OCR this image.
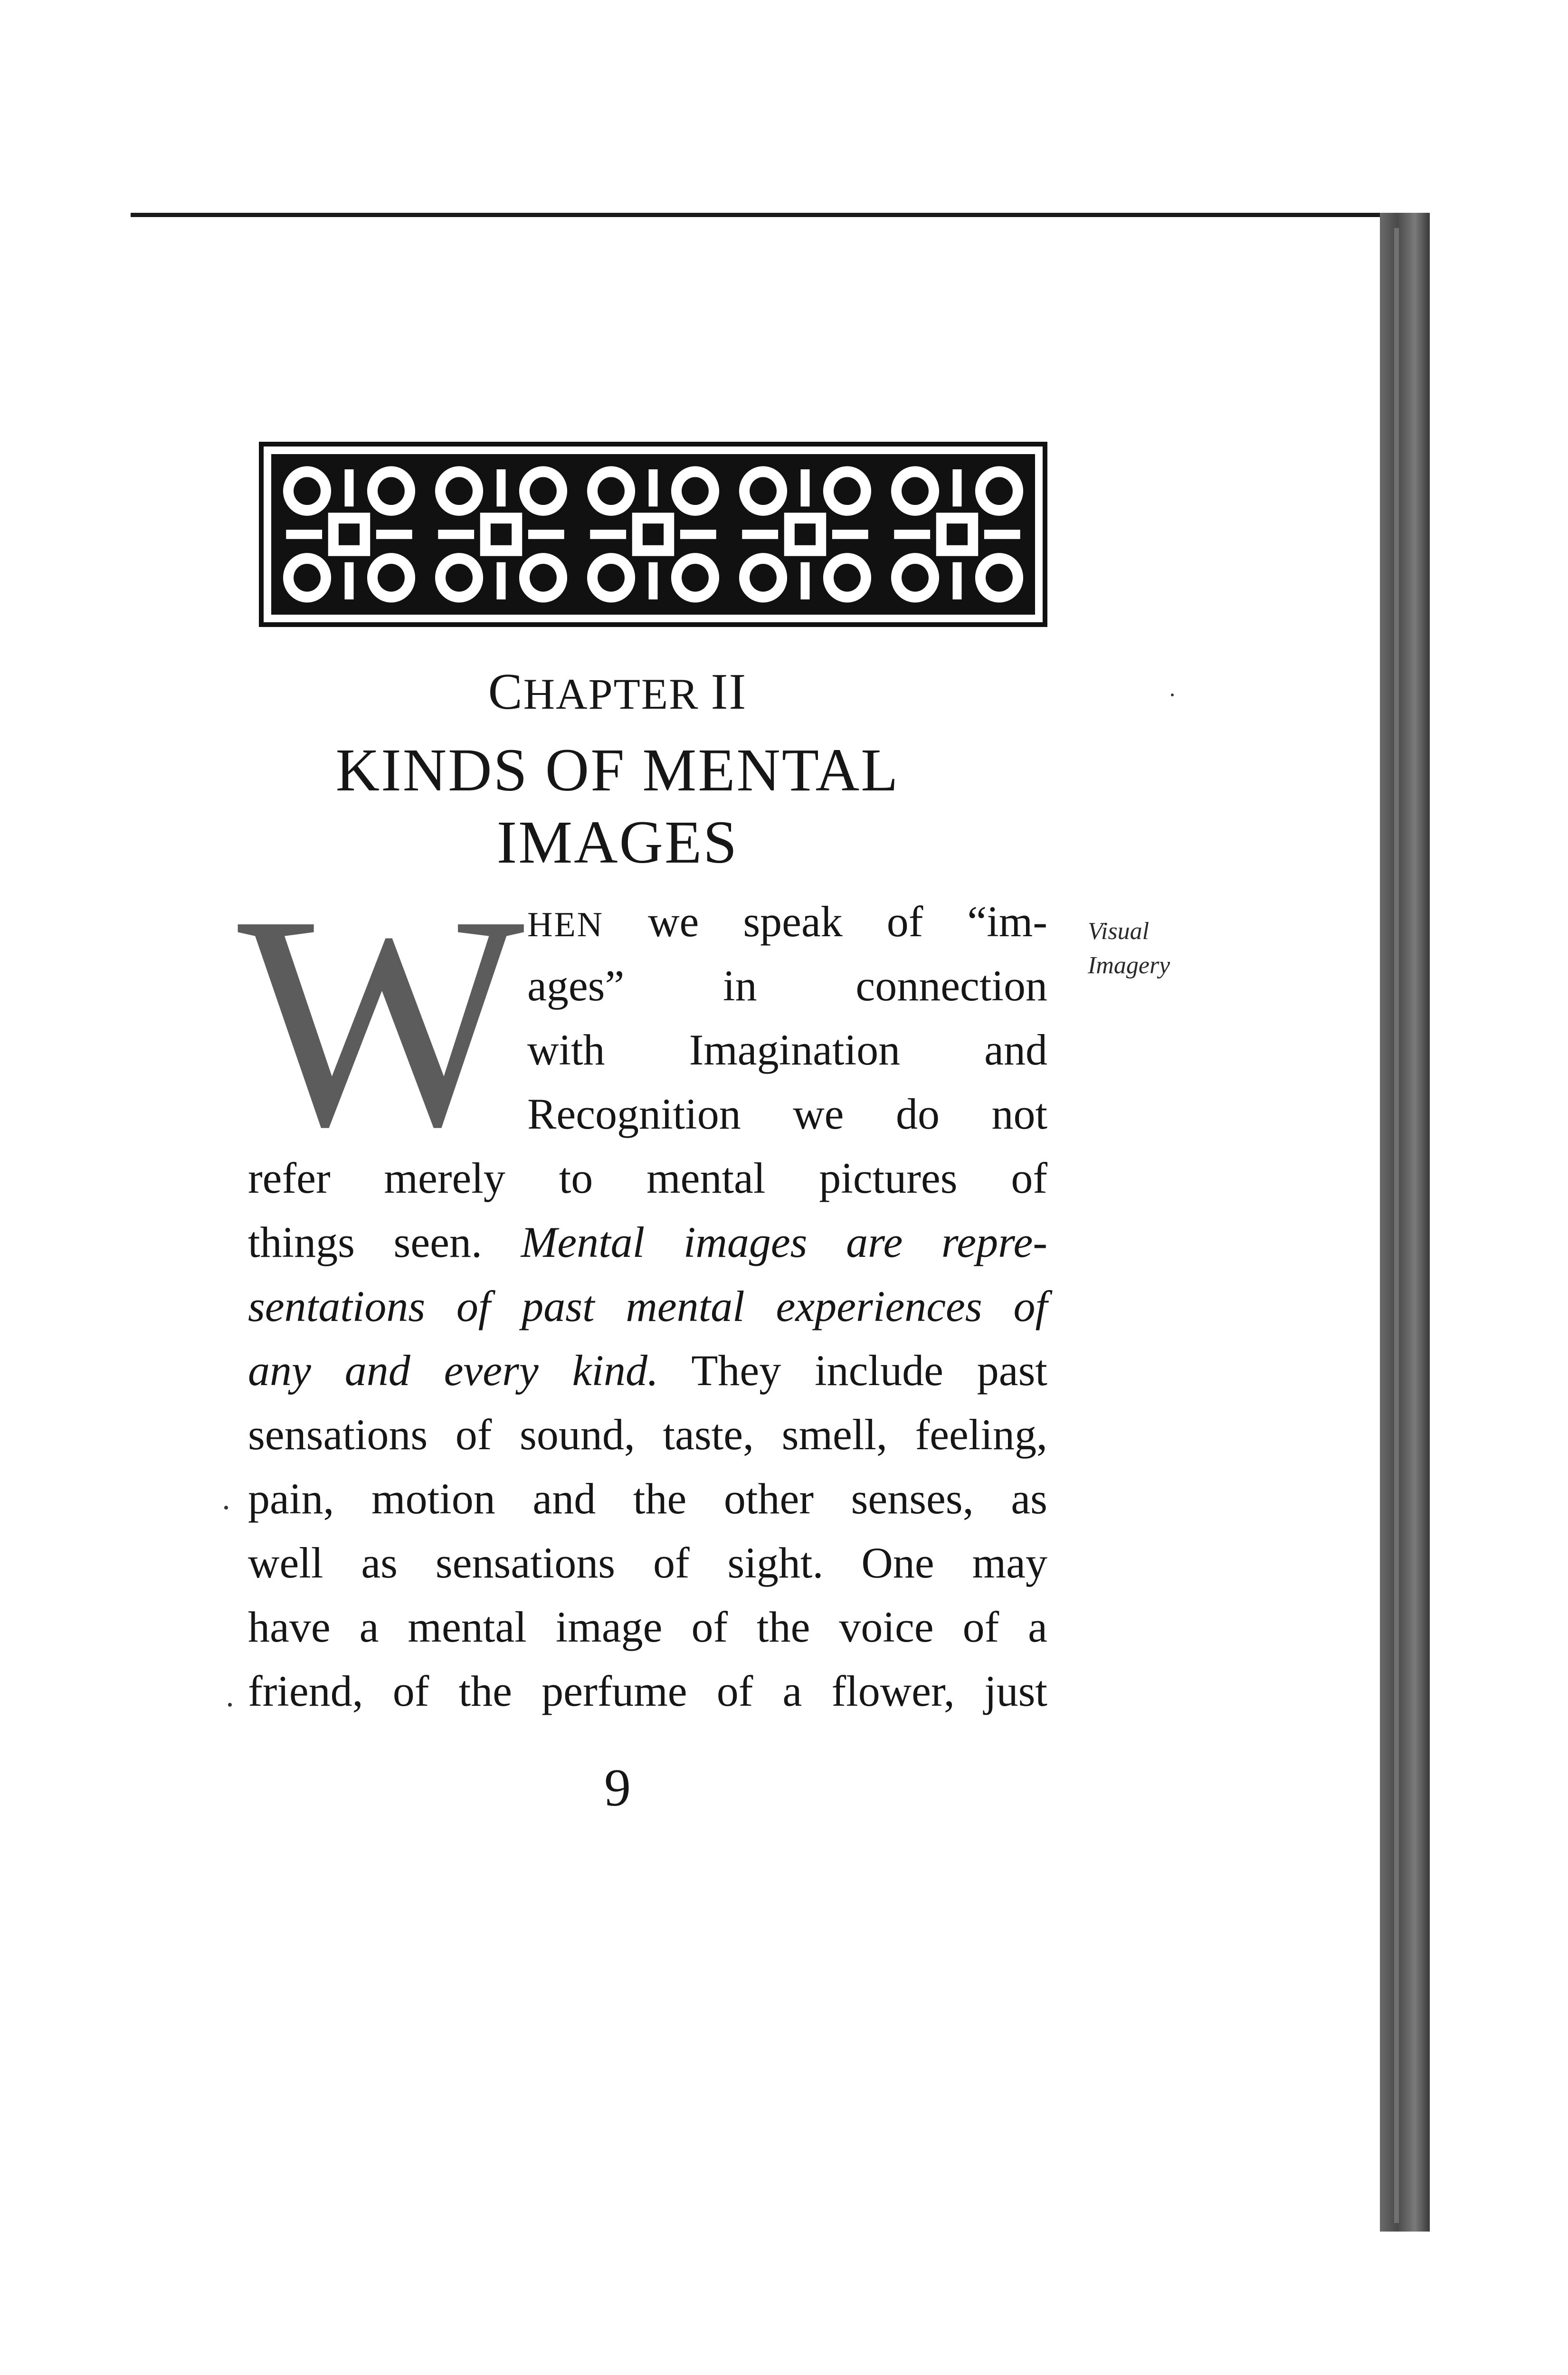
CHAPTER II
KINDS OF MENTAL
IMAGES
W	Visual
Imagery
HEN we speak of “im-
ages” in connection
with Imagination and
Recognition we do not
refer merely to mental pictures of
things seen. Mental images are repre-
sentations of past mental experiences of
any and every kind. They include past
sensations of sound, taste, smell, feeling,
pain, motion and the other senses, as
well as sensations of sight. One may
have a mental image of the voice of a
friend, of the perfume of a flower, just
9
